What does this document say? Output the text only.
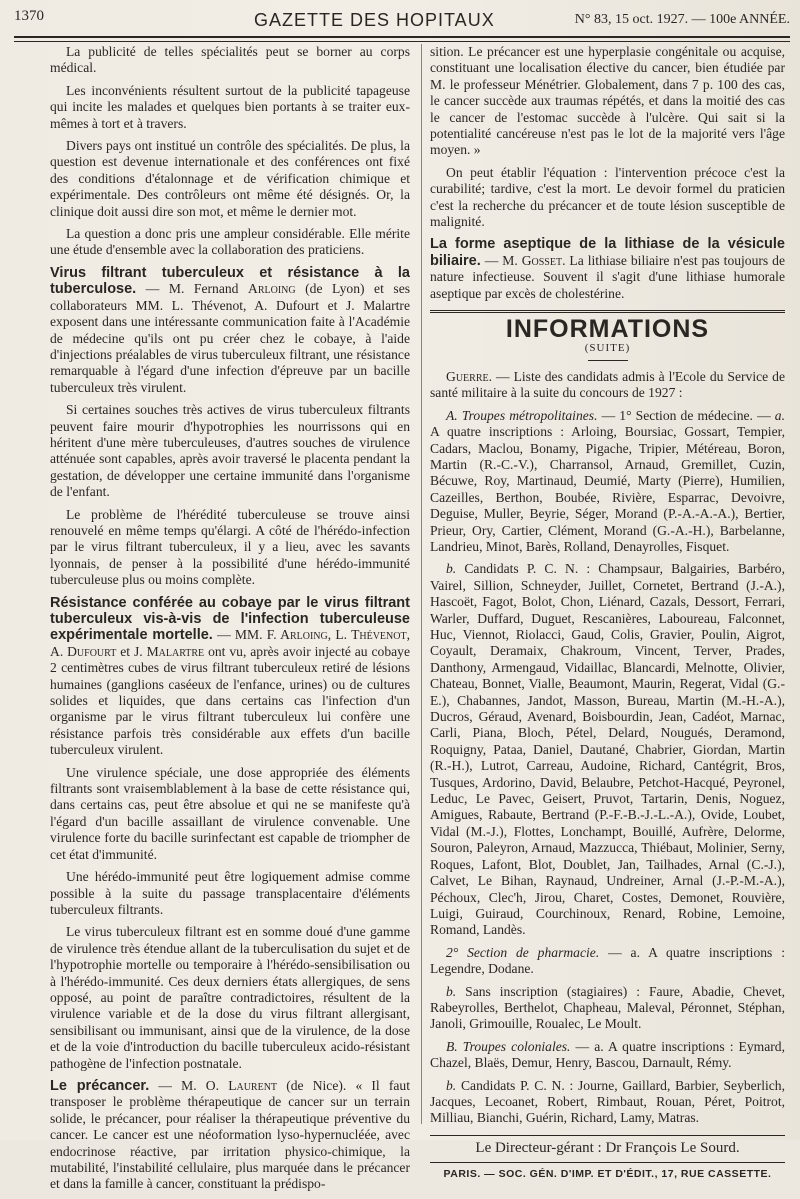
1370	GAZETTE DES HOPITAUX	N° 83, 15 oct. 1927. — 100e ANNÉE.

La publicité de telles spécialités peut se borner au corps médical.

Les inconvénients résultent surtout de la publicité tapageuse qui incite les malades et quelques bien portants à se traiter eux-mêmes à tort et à travers.

Divers pays ont institué un contrôle des spécialités. De plus, la question est devenue internationale et des conférences ont fixé des conditions d'étalonnage et de vérification chimique et expérimentale. Des contrôleurs ont même été désignés. Or, la clinique doit aussi dire son mot, et même le dernier mot.

La question a donc pris une ampleur considérable. Elle mérite une étude d'ensemble avec la collaboration des praticiens.

Virus filtrant tuberculeux et résistance à la tuberculose. — M. Fernand Arloing (de Lyon) et ses collaborateurs MM. L. Thévenot, A. Dufourt et J. Malartre exposent dans une intéressante communication faite à l'Académie de médecine qu'ils ont pu créer chez le cobaye, à l'aide d'injections préalables de virus tuberculeux filtrant, une résistance remarquable à l'égard d'une infection d'épreuve par un bacille tuberculeux très virulent.

Si certaines souches très actives de virus tuberculeux filtrants peuvent faire mourir d'hypotrophies les nourrissons qui en héritent d'une mère tuberculeuses, d'autres souches de virulence atténuée sont capables, après avoir traversé le placenta pendant la gestation, de développer une certaine immunité dans l'organisme de l'enfant.

Le problème de l'hérédité tuberculeuse se trouve ainsi renouvelé en même temps qu'élargi. A côté de l'hérédo-infection par le virus filtrant tuberculeux, il y a lieu, avec les savants lyonnais, de penser à la possibilité d'une hérédo-immunité tuberculeuse plus ou moins complète.

Résistance conférée au cobaye par le virus filtrant tuberculeux vis-à-vis de l'infection tuberculeuse expérimentale mortelle. — MM. F. Arloing, L. Thévenot, A. Dufourt et J. Malartre ont vu, après avoir injecté au cobaye 2 centimètres cubes de virus filtrant tuberculeux retiré de lésions humaines (ganglions caséeux de l'enfance, urines) ou de cultures solides et liquides, que dans certains cas l'infection d'un organisme par le virus filtrant tuberculeux lui confère une résistance parfois très considérable aux effets d'un bacille tuberculeux virulent.

Une virulence spéciale, une dose appropriée des éléments filtrants sont vraisemblablement à la base de cette résistance qui, dans certains cas, peut être absolue et qui ne se manifeste qu'à l'égard d'un bacille assaillant de virulence convenable. Une virulence forte du bacille surinfectant est capable de triompher de cet état d'immunité.

Une hérédo-immunité peut être logiquement admise comme possible à la suite du passage transplacentaire d'éléments tuberculeux filtrants.

Le virus tuberculeux filtrant est en somme doué d'une gamme de virulence très étendue allant de la tuberculisation du sujet et de l'hypotrophie mortelle ou temporaire à l'hérédo-sensibilisation ou à l'hérédo-immunité. Ces deux derniers états allergiques, de sens opposé, au point de paraître contradictoires, résultent de la virulence variable et de la dose du virus filtrant allergisant, sensibilisant ou immunisant, ainsi que de la virulence, de la dose et de la voie d'introduction du bacille tuberculeux acido-résistant pathogène de l'infection postnatale.

Le précancer. — M. O. Laurent (de Nice). « Il faut transposer le problème thérapeutique de cancer sur un terrain solide, le précancer, pour réaliser la thérapeutique préventive du cancer. Le cancer est une néoformation lyso-hypernucléée, avec endocrinose réactive, par irritation physico-chimique, la mutabilité, l'instabilité cellulaire, plus marquée dans le précancer et dans la famille à cancer, constituant la prédispo-

sition. Le précancer est une hyperplasie congénitale ou acquise, constituant une localisation élective du cancer, bien étudiée par M. le professeur Ménétrier. Globalement, dans 7 p. 100 des cas, le cancer succède aux traumas répétés, et dans la moitié des cas le cancer de l'estomac succède à l'ulcère. Qui sait si la potentialité cancéreuse n'est pas le lot de la majorité vers l'âge moyen. »

On peut établir l'équation : l'intervention précoce c'est la curabilité; tardive, c'est la mort. Le devoir formel du praticien c'est la recherche du précancer et de toute lésion susceptible de malignité.

La forme aseptique de la lithiase de la vésicule biliaire. — M. Gosset. La lithiase biliaire n'est pas toujours de nature infectieuse. Souvent il s'agit d'une lithiase humorale aseptique par excès de cholestérine.

INFORMATIONS
(SUITE)

Guerre. — Liste des candidats admis à l'Ecole du Service de santé militaire à la suite du concours de 1927 :

A. Troupes métropolitaines. — 1° Section de médecine. — a. A quatre inscriptions : Arloing, Boursiac, Gossart, Tempier, Cadars, Maclou, Bonamy, Pigache, Tripier, Météreau, Boron, Martin (R.-C.-V.), Charransol, Arnaud, Gremillet, Cuzin, Bécuwe, Roy, Martinaud, Deumié, Marty (Pierre), Humilien, Cazeilles, Berthon, Boubée, Rivière, Esparrac, Devoivre, Deguise, Muller, Beyrie, Séger, Morand (P.-A.-A.-A.), Bertier, Prieur, Ory, Cartier, Clément, Morand (G.-A.-H.), Barbelanne, Landrieu, Minot, Barès, Rolland, Denayrolles, Fisquet.

b. Candidats P. C. N. : Champsaur, Balgairies, Barbéro, Vairel, Sillion, Schneyder, Juillet, Cornetet, Bertrand (J.-A.), Hascoët, Fagot, Bolot, Chon, Liénard, Cazals, Dessort, Ferrari, Warler, Duffard, Duguet, Rescanières, Laboureau, Falconnet, Huc, Viennot, Riolacci, Gaud, Colis, Gravier, Poulin, Aigrot, Coyault, Deramaix, Chakroum, Vincent, Terver, Prades, Danthony, Armengaud, Vidaillac, Blancardi, Melnotte, Olivier, Chateau, Bonnet, Vialle, Beaumont, Maurin, Regerat, Vidal (G.-E.), Chabannes, Jandot, Masson, Bureau, Martin (M.-H.-A.), Ducros, Géraud, Avenard, Boisbourdin, Jean, Cadéot, Marnac, Carli, Piana, Bloch, Pétel, Delard, Nougués, Deramond, Roquigny, Pataa, Daniel, Dautané, Chabrier, Giordan, Martin (R.-H.), Lutrot, Carreau, Audoine, Richard, Cantégrit, Bros, Tusques, Ardorino, David, Belaubre, Petchot-Hacqué, Peyronel, Leduc, Le Pavec, Geisert, Pruvot, Tartarin, Denis, Noguez, Amigues, Rabaute, Bertrand (P.-F.-B.-J.-L.-A.), Ovide, Loubet, Vidal (M.-J.), Flottes, Lonchampt, Bouillé, Aufrère, Delorme, Souron, Paleyron, Arnaud, Mazzucca, Thiébaut, Molinier, Serny, Roques, Lafont, Blot, Doublet, Jan, Tailhades, Arnal (C.-J.), Calvet, Le Bihan, Raynaud, Undreiner, Arnal (J.-P.-M.-A.), Péchoux, Clec'h, Jirou, Charet, Costes, Demonet, Rouvière, Luigi, Guiraud, Courchinoux, Renard, Robine, Lemoine, Romand, Landès.

2° Section de pharmacie. — a. A quatre inscriptions : Legendre, Dodane.

b. Sans inscription (stagiaires) : Faure, Abadie, Chevet, Rabeyrolles, Berthelot, Chapheau, Maleval, Péronnet, Stéphan, Janoli, Grimouille, Roualec, Le Moult.

B. Troupes coloniales. — a. A quatre inscriptions : Eymard, Chazel, Blaës, Demur, Henry, Bascou, Darnault, Rémy.

b. Candidats P. C. N. : Journe, Gaillard, Barbier, Seyberlich, Jacques, Lecoanet, Robert, Rimbaut, Rouan, Péret, Poitrot, Milliau, Bianchi, Guérin, Richard, Lamy, Matras.

Le Directeur-gérant : Dr François Le Sourd.

PARIS. — SOC. GÉN. D'IMP. ET D'ÉDIT., 17, RUE CASSETTE.
